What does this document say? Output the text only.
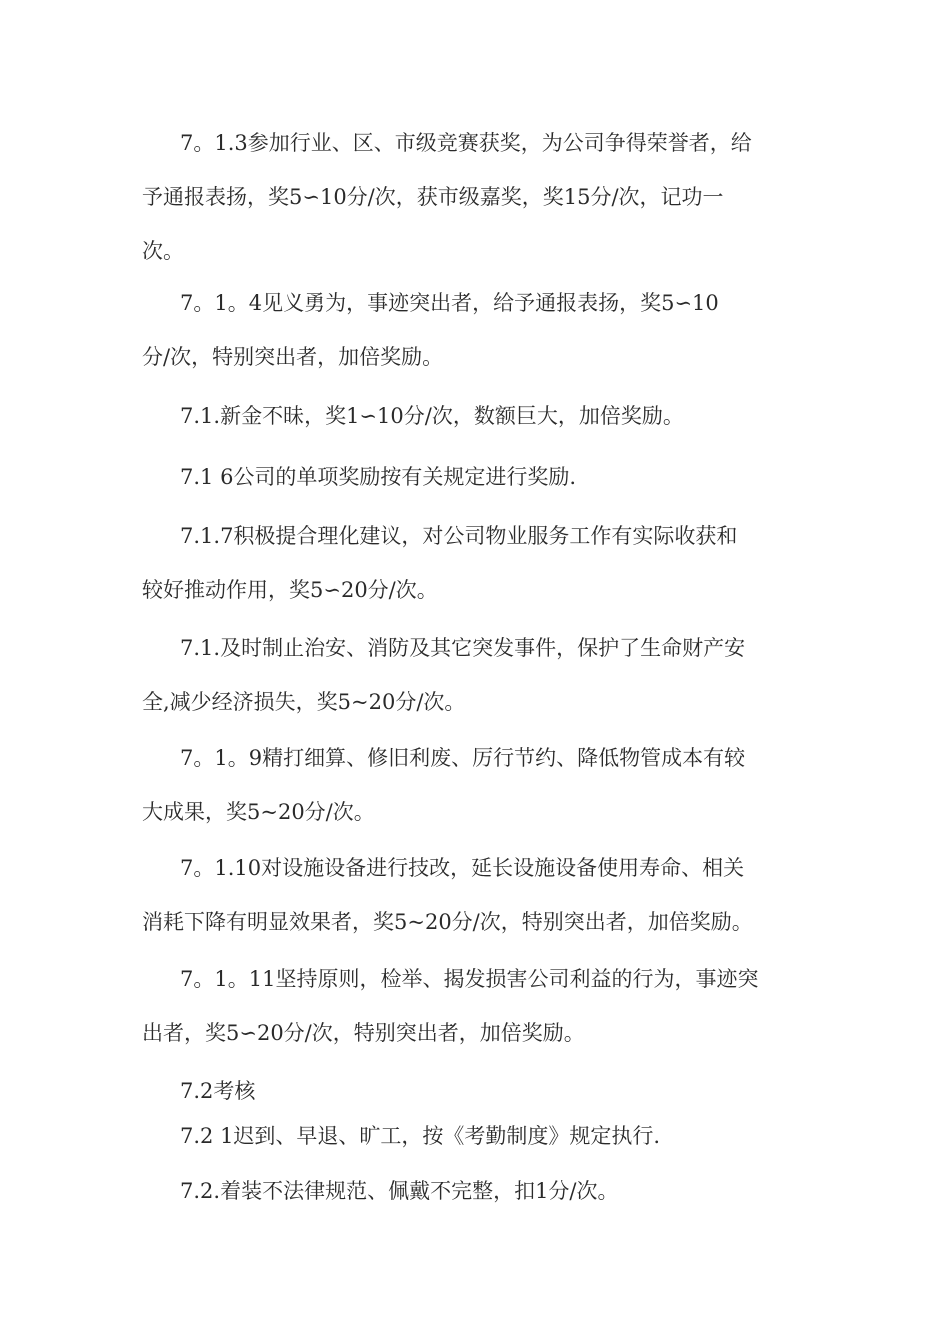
7。1.3参加行业、区、市级竞赛获奖，为公司争得荣誉者，给
予通报表扬，奖5∽10分/次，获市级嘉奖，奖15分/次，记功一
次。

7。1。4见义勇为，事迹突出者，给予通报表扬，奖5∽10
分/次，特别突出者，加倍奖励。

7.1.新金不昧，奖1∽10分/次，数额巨大，加倍奖励。

7.1 6公司的单项奖励按有关规定进行奖励.

7.1.7积极提合理化建议，对公司物业服务工作有实际收获和
较好推动作用，奖5∽20分/次。

7.1.及时制止治安、消防及其它突发事件，保护了生命财产安
全,减少经济损失，奖5~20分/次。

7。1。9精打细算、修旧利废、厉行节约、降低物管成本有较
大成果，奖5~20分/次。

7。1.10对设施设备进行技改，延长设施设备使用寿命、相关
消耗下降有明显效果者，奖5~20分/次，特别突出者，加倍奖励。

7。1。11坚持原则，检举、揭发损害公司利益的行为，事迹突
出者，奖5∽20分/次，特别突出者，加倍奖励。

7.2考核

7.2 1迟到、早退、旷工，按《考勤制度》规定执行.

7.2.着装不法律规范、佩戴不完整，扣1分/次。
